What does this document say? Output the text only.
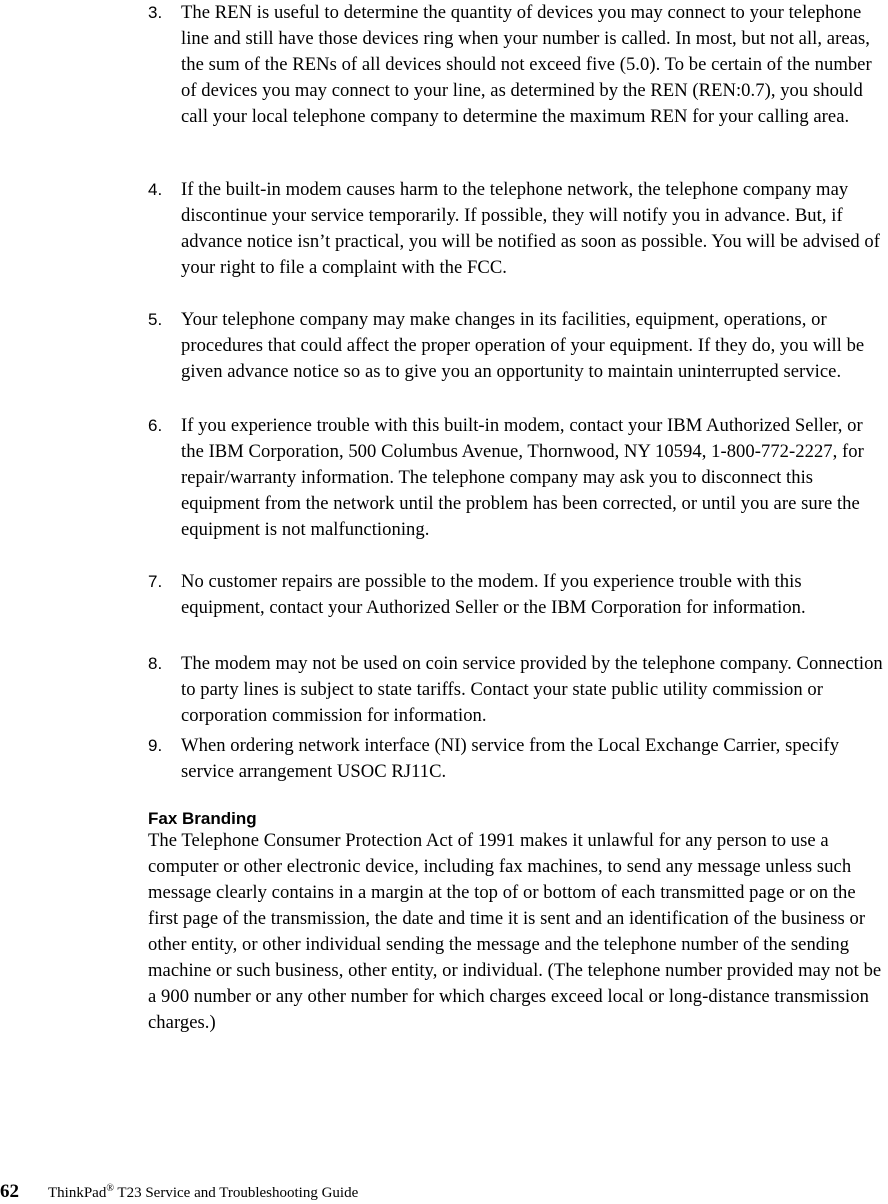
3. The REN is useful to determine the quantity of devices you may connect to your telephone line and still have those devices ring when your number is called. In most, but not all, areas, the sum of the RENs of all devices should not exceed five (5.0). To be certain of the number of devices you may connect to your line, as determined by the REN (REN:0.7), you should call your local telephone company to determine the maximum REN for your calling area.
4. If the built-in modem causes harm to the telephone network, the telephone company may discontinue your service temporarily. If possible, they will notify you in advance. But, if advance notice isn’t practical, you will be notified as soon as possible. You will be advised of your right to file a complaint with the FCC.
5. Your telephone company may make changes in its facilities, equipment, operations, or procedures that could affect the proper operation of your equipment. If they do, you will be given advance notice so as to give you an opportunity to maintain uninterrupted service.
6. If you experience trouble with this built-in modem, contact your IBM Authorized Seller, or the IBM Corporation, 500 Columbus Avenue, Thornwood, NY 10594, 1-800-772-2227, for repair/warranty information. The telephone company may ask you to disconnect this equipment from the network until the problem has been corrected, or until you are sure the equipment is not malfunctioning.
7. No customer repairs are possible to the modem. If you experience trouble with this equipment, contact your Authorized Seller or the IBM Corporation for information.
8. The modem may not be used on coin service provided by the telephone company. Connection to party lines is subject to state tariffs. Contact your state public utility commission or corporation commission for information.
9. When ordering network interface (NI) service from the Local Exchange Carrier, specify service arrangement USOC RJ11C.
Fax Branding
The Telephone Consumer Protection Act of 1991 makes it unlawful for any person to use a computer or other electronic device, including fax machines, to send any message unless such message clearly contains in a margin at the top of or bottom of each transmitted page or on the first page of the transmission, the date and time it is sent and an identification of the business or other entity, or other individual sending the message and the telephone number of the sending machine or such business, other entity, or individual. (The telephone number provided may not be a 900 number or any other number for which charges exceed local or long-distance transmission charges.)
62 ThinkPad® T23 Service and Troubleshooting Guide
